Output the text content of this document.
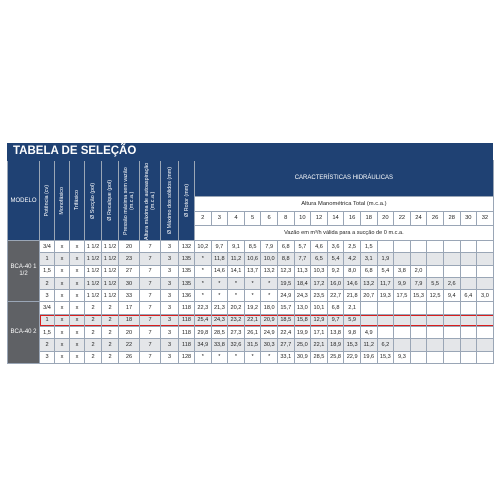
TABELA DE SELEÇÃO
MODELO	Potência (cv)	Monofásico	Trifásico	Ø Sucção (pol)	Ø Recalque (pol)	Pressão máxima sem vazão (m.c.a.)	Altura máxima de autoaspiração (m.c.a.)	Ø Máximo dos sólidos (mm)	Ø Rotor (mm)	CARACTERÍSTICAS HIDRÁULICAS																		
										Altura Manométrica Total (m.c.a.)																		
										2	3	4	5	6	8	10	12	14	16	18	20	22	24	26	28	30	32	
										Vazão em m³/h válida para a sucção de 0 m.c.a.																		
BCA-40 1 1/2	3/4	x	x	1 1/2	1 1/2	20	7	3	132	10,2	9,7	9,1	8,5	7,9	6,8	5,7	4,6	3,6	2,5	1,5								
	1	x	x	1 1/2	1 1/2	23	7	3	135	*	11,8	11,2	10,6	10,0	8,8	7,7	6,5	5,4	4,2	3,1	1,9							
	1,5	x	x	1 1/2	1 1/2	27	7	3	135	*	14,6	14,1	13,7	13,2	12,3	11,3	10,3	9,2	8,0	6,8	5,4	3,8	2,0					
	2	x	x	1 1/2	1 1/2	30	7	3	135	*	*	*	*	*	19,5	18,4	17,2	16,0	14,6	13,2	11,7	9,9	7,9	5,5	2,6			
	3	x	x	1 1/2	1 1/2	33	7	3	136	*	*	*	*	*	24,9	24,3	23,5	22,7	21,8	20,7	19,3	17,5	15,3	12,5	9,4	6,4	3,0	
BCA-40 2	3/4	x	x	2	2	17	7	3	118	22,3	21,3	20,2	19,2	18,0	15,7	13,0	10,1	6,8	2,1									
	1	x	x	2	2	18	7	3	118	25,4	24,3	23,2	22,1	20,9	18,5	15,8	12,9	9,7	5,9									
	1,5	x	x	2	2	20	7	3	118	29,8	28,5	27,3	26,1	24,9	22,4	19,9	17,1	13,8	9,8	4,9								
	2	x	x	2	2	22	7	3	118	34,9	33,8	32,6	31,5	30,3	27,7	25,0	22,1	18,9	15,3	11,2	6,2							
	3	x	x	2	2	26	7	3	128	*	*	*	*	*	33,1	30,9	28,5	25,8	22,9	19,6	15,3	9,3						
